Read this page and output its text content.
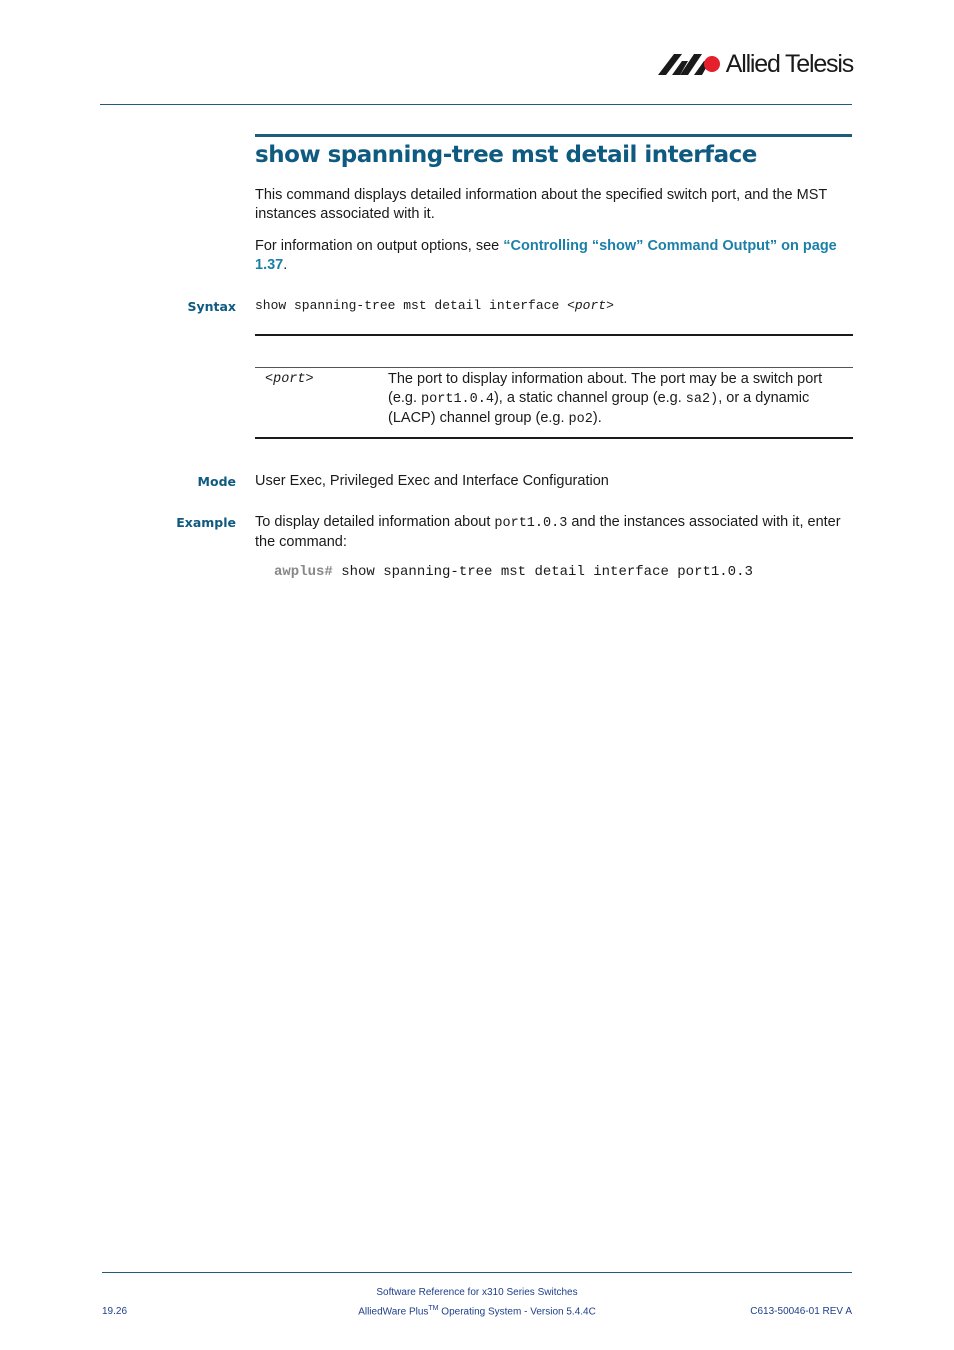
Allied Telesis
show spanning-tree mst detail interface

This command displays detailed information about the specified switch port, and the MST instances associated with it.

For information on output options, see “Controlling “show” Command Output” on page 1.37.

Syntax show spanning-tree mst detail interface <port>
<port>	The port to display information about. The port may be a switch port (e.g. port1.0.4), a static channel group (e.g. sa2), or a dynamic (LACP) channel group (e.g. po2).

Mode User Exec, Privileged Exec and Interface Configuration

Example To display detailed information about port1.0.3 and the instances associated with it, enter the command:

awplus# show spanning-tree mst detail interface port1.0.3
Software Reference for x310 Series Switches
AlliedWare Plus™ Operating System - Version 5.4.4C
19.26	C613-50046-01 REV A
